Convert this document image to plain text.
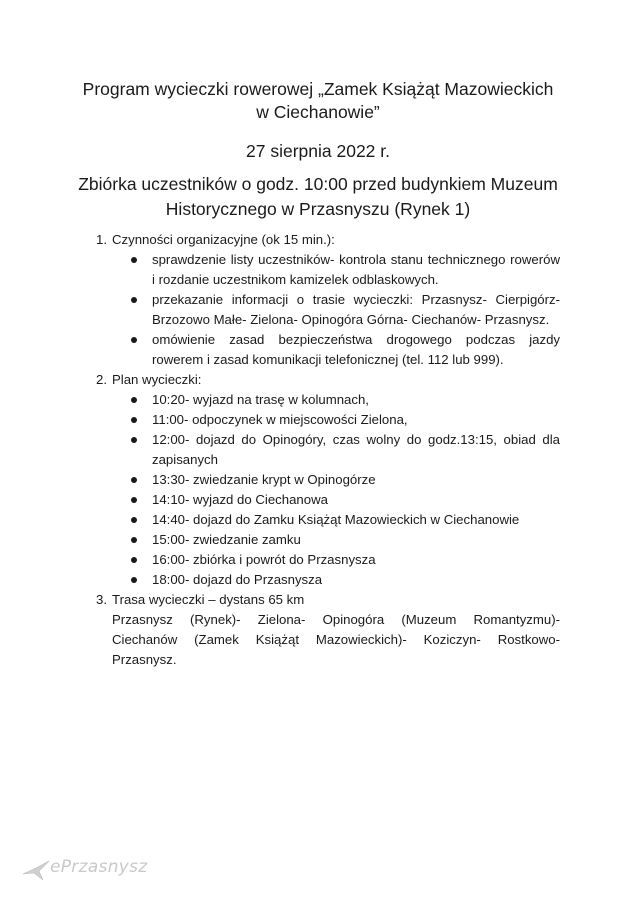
Program wycieczki rowerowej „Zamek Książąt Mazowieckich
w Ciechanowie”
27 sierpnia 2022 r.
Zbiórka uczestników o godz. 10:00 przed budynkiem Muzeum
Historycznego w Przasnyszu (Rynek 1)
1. Czynności organizacyjne (ok 15 min.):
sprawdzenie listy uczestników- kontrola stanu technicznego rowerów i rozdanie uczestnikom kamizelek odblaskowych.
przekazanie informacji o trasie wycieczki: Przasnysz- Cierpigórz- Brzozowo Małe- Zielona- Opinogóra Górna- Ciechanów- Przasnysz.
omówienie zasad bezpieczeństwa drogowego podczas jazdy rowerem i zasad komunikacji telefonicznej (tel. 112 lub 999).
2. Plan wycieczki:
10:20- wyjazd na trasę w kolumnach,
11:00- odpoczynek w miejscowości Zielona,
12:00- dojazd do Opinogóry, czas wolny do godz.13:15, obiad dla zapisanych
13:30- zwiedzanie krypt w Opinogórze
14:10- wyjazd do Ciechanowa
14:40- dojazd do Zamku Książąt Mazowieckich w Ciechanowie
15:00- zwiedzanie zamku
16:00- zbiórka i powrót do Przasnysza
18:00- dojazd do Przasnysza
3. Trasa wycieczki – dystans 65 km
Przasnysz (Rynek)- Zielona- Opinogóra (Muzeum Romantyzmu)- Ciechanów (Zamek Książąt Mazowieckich)- Koziczyn- Rostkowo- Przasnysz.
ePrzasnysz
